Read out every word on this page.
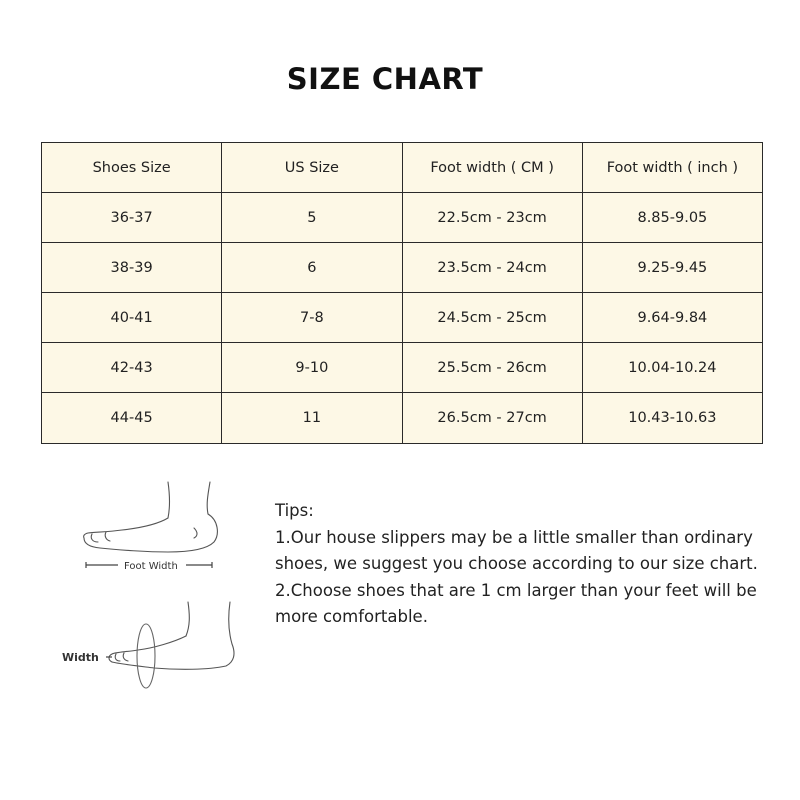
SIZE CHART
Shoes Size	US Size	Foot width ( CM )	Foot width ( inch )
36-37	5	22.5cm - 23cm	8.85-9.05
38-39	6	23.5cm - 24cm	9.25-9.45
40-41	7-8	24.5cm - 25cm	9.64-9.84
42-43	9-10	25.5cm - 26cm	10.04-10.24
44-45	11	26.5cm - 27cm	10.43-10.63
Foot Width
Width

Tips:

1.Our house slippers may be a little smaller than ordinary shoes, we suggest you choose according to our size chart.

2.Choose shoes that are 1 cm larger than your feet will be more comfortable.
